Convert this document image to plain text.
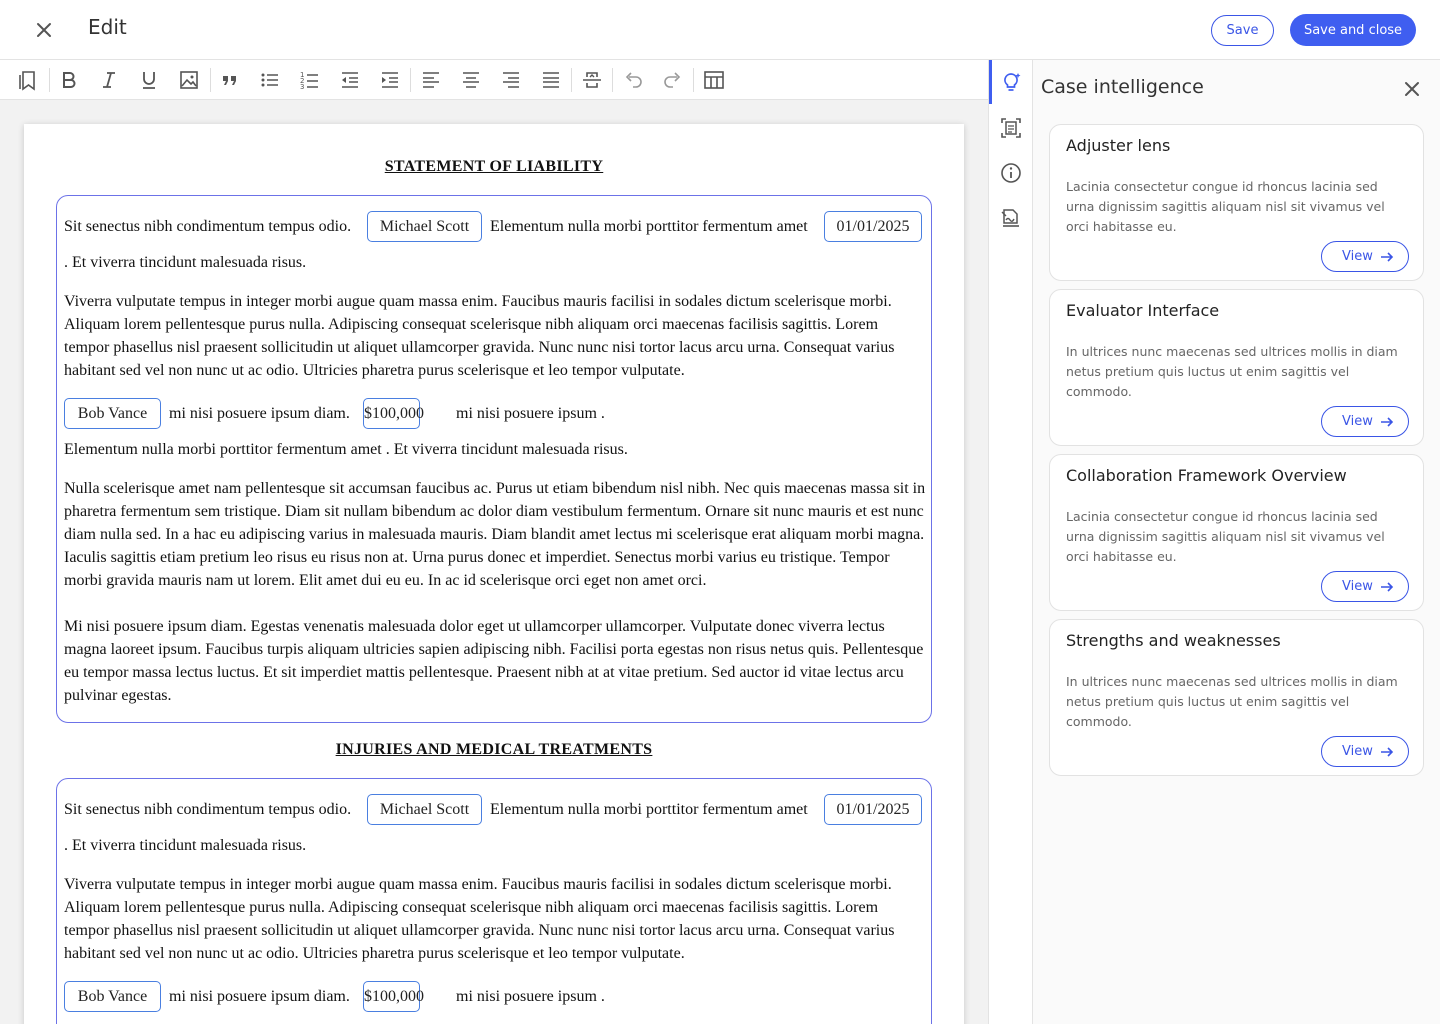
Edit	Save	Save and close
1
2
3
STATEMENT OF LIABILITY
Sit senectus nibh condimentum tempus odio.	Michael Scott	Elementum nulla morbi porttitor fermentum amet	01/01/2025
. Et viverra tincidunt malesuada risus.
Viverra vulputate tempus in integer morbi augue quam massa enim. Faucibus mauris facilisi in sodales dictum scelerisque morbi. Aliquam lorem pellentesque purus nulla. Adipiscing consequat scelerisque nibh aliquam orci maecenas facilisis sagittis. Lorem tempor phasellus nisl praesent sollicitudin ut aliquet ullamcorper gravida. Nunc nunc nisi tortor lacus arcu urna. Consequat varius habitant sed vel non nunc ut ac odio. Ultricies pharetra purus scelerisque et leo tempor vulputate.
Bob Vance	mi nisi posuere ipsum diam. $100,000 mi nisi posuere ipsum .
Elementum nulla morbi porttitor fermentum amet . Et viverra tincidunt malesuada risus.
Nulla scelerisque amet nam pellentesque sit accumsan faucibus ac. Purus ut etiam bibendum nisl nibh. Nec quis maecenas massa sit in pharetra fermentum sem tristique. Diam sit nullam bibendum ac dolor diam vestibulum fermentum. Ornare sit nunc mauris et est nunc diam nulla sed. In a hac eu adipiscing varius in malesuada mauris. Diam blandit amet lectus mi scelerisque erat aliquam morbi magna. Iaculis sagittis etiam pretium leo risus eu risus non at. Urna purus donec et imperdiet. Senectus morbi varius eu tristique. Tempor morbi gravida mauris nam ut lorem. Elit amet dui eu eu. In ac id scelerisque orci eget non amet orci.
Mi nisi posuere ipsum diam. Egestas venenatis malesuada dolor eget ut ullamcorper ullamcorper. Vulputate donec viverra lectus magna laoreet ipsum. Faucibus turpis aliquam ultricies sapien adipiscing nibh. Facilisi porta egestas non risus netus quis. Pellentesque eu tempor massa lectus luctus. Et sit imperdiet mattis pellentesque. Praesent nibh at at vitae pretium. Sed auctor id vitae lectus arcu pulvinar egestas.
INJURIES AND MEDICAL TREATMENTS
Sit senectus nibh condimentum tempus odio.	Michael Scott	Elementum nulla morbi porttitor fermentum amet	01/01/2025
. Et viverra tincidunt malesuada risus.
Viverra vulputate tempus in integer morbi augue quam massa enim. Faucibus mauris facilisi in sodales dictum scelerisque morbi. Aliquam lorem pellentesque purus nulla. Adipiscing consequat scelerisque nibh aliquam orci maecenas facilisis sagittis. Lorem tempor phasellus nisl praesent sollicitudin ut aliquet ullamcorper gravida. Nunc nunc nisi tortor lacus arcu urna. Consequat varius habitant sed vel non nunc ut ac odio. Ultricies pharetra purus scelerisque et leo tempor vulputate.
Bob Vance	mi nisi posuere ipsum diam. $100,000 mi nisi posuere ipsum .
Case intelligence
Adjuster lens
Lacinia consectetur congue id rhoncus lacinia sed urna dignissim sagittis aliquam nisl sit vivamus vel orci habitasse eu.
View
Evaluator Interface
In ultrices nunc maecenas sed ultrices mollis in diam netus pretium quis luctus ut enim sagittis vel commodo.
View
Collaboration Framework Overview
Lacinia consectetur congue id rhoncus lacinia sed urna dignissim sagittis aliquam nisl sit vivamus vel orci habitasse eu.
View
Strengths and weaknesses
In ultrices nunc maecenas sed ultrices mollis in diam netus pretium quis luctus ut enim sagittis vel commodo.
View
